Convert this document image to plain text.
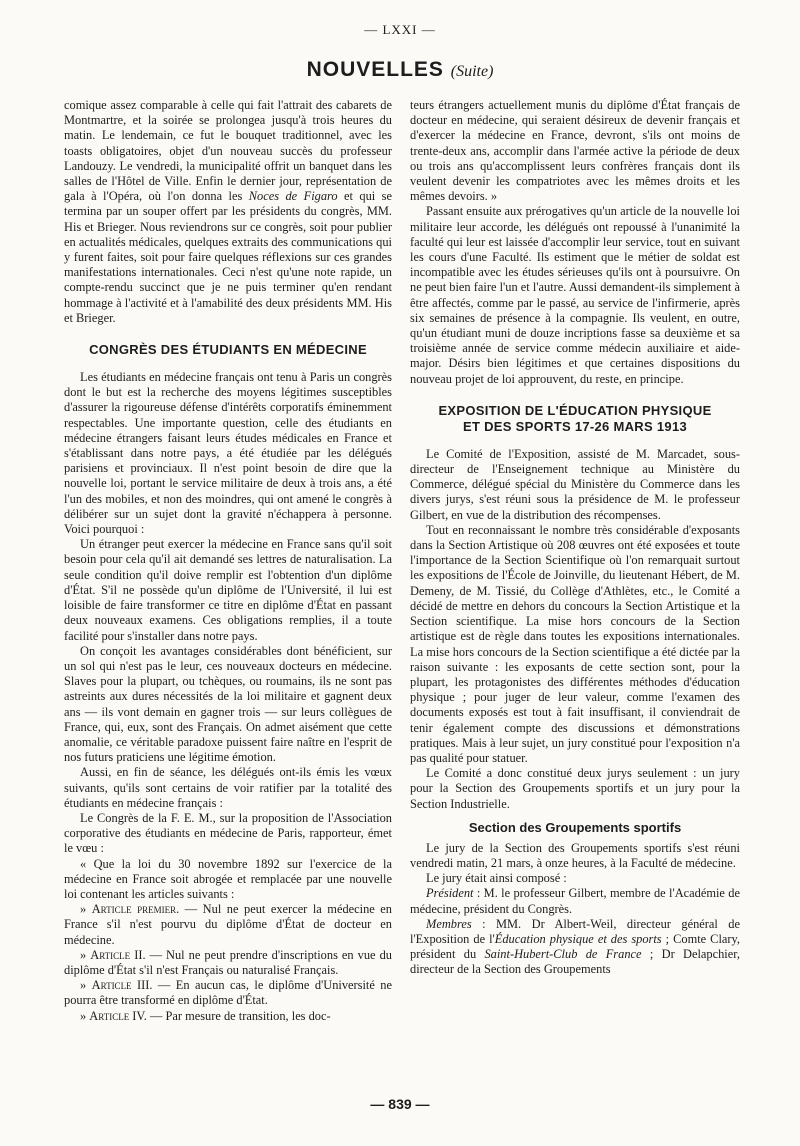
— LXXI —
NOUVELLES (Suite)

comique assez comparable à celle qui fait l'attrait des cabarets de Montmartre, et la soirée se prolongea jusqu'à trois heures du matin. Le lendemain, ce fut le bouquet traditionnel, avec les toasts obligatoires, objet d'un nouveau succès du professeur Landouzy. Le vendredi, la municipalité offrit un banquet dans les salles de l'Hôtel de Ville. Enfin le dernier jour, représentation de gala à l'Opéra, où l'on donna les Noces de Figaro et qui se termina par un souper offert par les présidents du congrès, MM. His et Brieger. Nous reviendrons sur ce congrès, soit pour publier en actualités médicales, quelques extraits des communications qui y furent faites, soit pour faire quelques réflexions sur ces grandes manifestations internationales. Ceci n'est qu'une note rapide, un compte-rendu succinct que je ne puis terminer qu'en rendant hommage à l'activité et à l'amabilité des deux présidents MM. His et Brieger.

CONGRÈS DES ÉTUDIANTS EN MÉDECINE

Les étudiants en médecine français ont tenu à Paris un congrès dont le but est la recherche des moyens légitimes susceptibles d'assurer la rigoureuse défense d'intérêts corporatifs éminemment respectables. Une importante question, celle des étudiants en médecine étrangers faisant leurs études médicales en France et s'établissant dans notre pays, a été étudiée par les délégués parisiens et provinciaux. Il n'est point besoin de dire que la nouvelle loi, portant le service militaire de deux à trois ans, a été l'un des mobiles, et non des moindres, qui ont amené le congrès à délibérer sur un sujet dont la gravité n'échappera à personne. Voici pourquoi :

Un étranger peut exercer la médecine en France sans qu'il soit besoin pour cela qu'il ait demandé ses lettres de naturalisation. La seule condition qu'il doive remplir est l'obtention d'un diplôme d'État. S'il ne possède qu'un diplôme de l'Université, il lui est loisible de faire transformer ce titre en diplôme d'État en passant deux nouveaux examens. Ces obligations remplies, il a toute facilité pour s'installer dans notre pays.

On conçoit les avantages considérables dont bénéficient, sur un sol qui n'est pas le leur, ces nouveaux docteurs en médecine. Slaves pour la plupart, ou tchèques, ou roumains, ils ne sont pas astreints aux dures nécessités de la loi militaire et gagnent deux ans — ils vont demain en gagner trois — sur leurs collègues de France, qui, eux, sont des Français. On admet aisément que cette anomalie, ce véritable paradoxe puissent faire naître en l'esprit de nos futurs praticiens une légitime émotion.

Aussi, en fin de séance, les délégués ont-ils émis les vœux suivants, qu'ils sont certains de voir ratifier par la totalité des étudiants en médecine français :

Le Congrès de la F. E. M., sur la proposition de l'Association corporative des étudiants en médecine de Paris, rapporteur, émet le vœu :

« Que la loi du 30 novembre 1892 sur l'exercice de la médecine en France soit abrogée et remplacée par une nouvelle loi contenant les articles suivants :

» Article premier. — Nul ne peut exercer la médecine en France s'il n'est pourvu du diplôme d'État de docteur en médecine.

» Article II. — Nul ne peut prendre d'inscriptions en vue du diplôme d'État s'il n'est Français ou naturalisé Français.

» Article III. — En aucun cas, le diplôme d'Université ne pourra être transformé en diplôme d'État.

» Article IV. — Par mesure de transition, les doc-

teurs étrangers actuellement munis du diplôme d'État français de docteur en médecine, qui seraient désireux de devenir français et d'exercer la médecine en France, devront, s'ils ont moins de trente-deux ans, accomplir dans l'armée active la période de deux ou trois ans qu'accomplissent leurs confrères français dont ils veulent devenir les compatriotes avec les mêmes droits et les mêmes devoirs. »

Passant ensuite aux prérogatives qu'un article de la nouvelle loi militaire leur accorde, les délégués ont repoussé à l'unanimité la faculté qui leur est laissée d'accomplir leur service, tout en suivant les cours d'une Faculté. Ils estiment que le métier de soldat est incompatible avec les études sérieuses qu'ils ont à poursuivre. On ne peut bien faire l'un et l'autre. Aussi demandent-ils simplement à être affectés, comme par le passé, au service de l'infirmerie, après six semaines de présence à la compagnie. Ils veulent, en outre, qu'un étudiant muni de douze incriptions fasse sa deuxième et sa troisième année de service comme médecin auxiliaire et aide-major. Désirs bien légitimes et que certaines dispositions du nouveau projet de loi approuvent, du reste, en principe.

EXPOSITION DE L'ÉDUCATION PHYSIQUE
ET DES SPORTS 17-26 MARS 1913

Le Comité de l'Exposition, assisté de M. Marcadet, sous-directeur de l'Enseignement technique au Ministère du Commerce, délégué spécial du Ministère du Commerce dans les divers jurys, s'est réuni sous la présidence de M. le professeur Gilbert, en vue de la distribution des récompenses.

Tout en reconnaissant le nombre très considérable d'exposants dans la Section Artistique où 208 œuvres ont été exposées et toute l'importance de la Section Scientifique où l'on remarquait surtout les expositions de l'École de Joinville, du lieutenant Hébert, de M. Demeny, de M. Tissié, du Collège d'Athlètes, etc., le Comité a décidé de mettre en dehors du concours la Section Artistique et la Section scientifique. La mise hors concours de la Section artistique est de règle dans toutes les expositions internationales. La mise hors concours de la Section scientifique a été dictée par la raison suivante : les exposants de cette section sont, pour la plupart, les protagonistes des différentes méthodes d'éducation physique ; pour juger de leur valeur, comme l'examen des documents exposés est tout à fait insuffisant, il conviendrait de tenir également compte des discussions et démonstrations pratiques. Mais à leur sujet, un jury constitué pour l'exposition n'a pas qualité pour statuer.

Le Comité a donc constitué deux jurys seulement : un jury pour la Section des Groupements sportifs et un jury pour la Section Industrielle.

Section des Groupements sportifs

Le jury de la Section des Groupements sportifs s'est réuni vendredi matin, 21 mars, à onze heures, à la Faculté de médecine.

Le jury était ainsi composé :

Président : M. le professeur Gilbert, membre de l'Académie de médecine, président du Congrès.

Membres : MM. Dr Albert-Weil, directeur général de l'Exposition de l'Éducation physique et des sports ; Comte Clary, président du Saint-Hubert-Club de France ; Dr Delapchier, directeur de la Section des Groupements

— 839 —
